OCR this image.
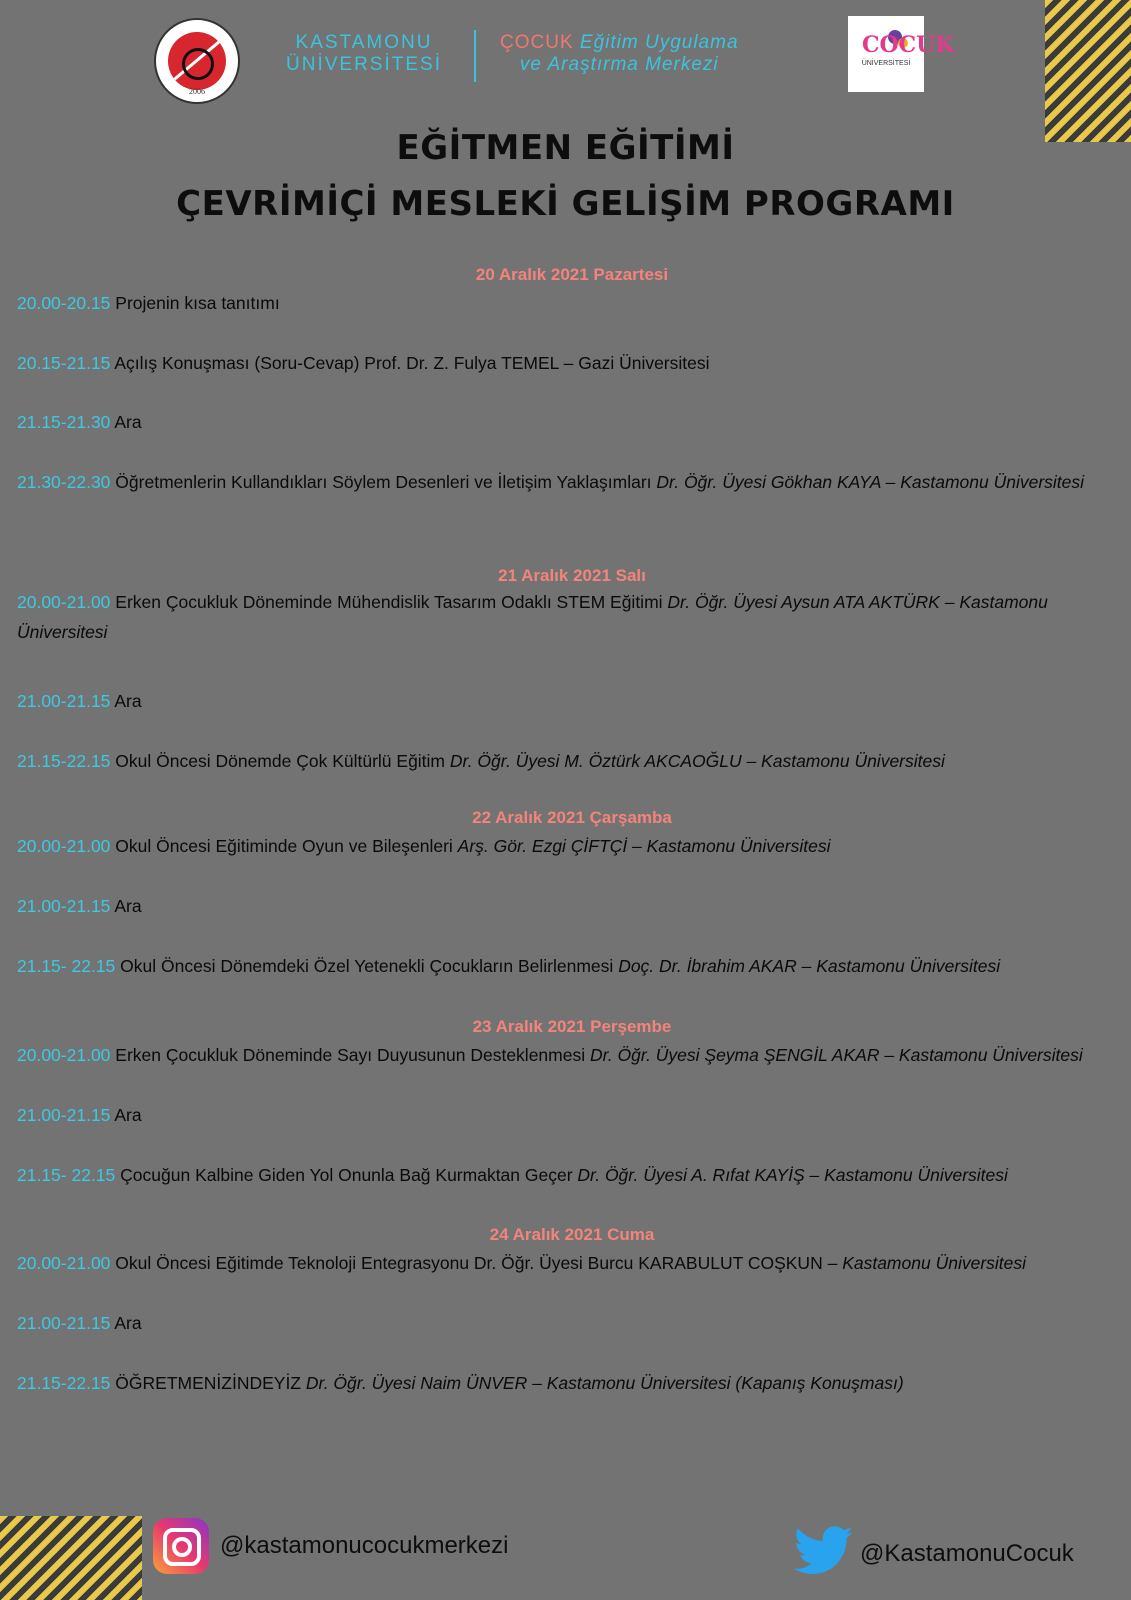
2006
KASTAMONU
ÜNİVERSİTESİ
ÇOCUK Eğitim Uygulama
ve Araştırma Merkezi
COCUK
ÜNİVERSİTESİ
EĞİTMEN EĞİTİMİ
ÇEVRİMİÇİ MESLEKİ GELİŞİM PROGRAMI
20 Aralık 2021 Pazartesi
20.00-20.15 Projenin kısa tanıtımı
20.15-21.15 Açılış Konuşması (Soru-Cevap) Prof. Dr. Z. Fulya TEMEL – Gazi Üniversitesi
21.15-21.30 Ara
21.30-22.30 Öğretmenlerin Kullandıkları Söylem Desenleri ve İletişim Yaklaşımları Dr. Öğr. Üyesi Gökhan KAYA – Kastamonu Üniversitesi
21 Aralık 2021 Salı
20.00-21.00 Erken Çocukluk Döneminde Mühendislik Tasarım Odaklı STEM Eğitimi Dr. Öğr. Üyesi Aysun ATA AKTÜRK – Kastamonu Üniversitesi
21.00-21.15 Ara
21.15-22.15 Okul Öncesi Dönemde Çok Kültürlü Eğitim Dr. Öğr. Üyesi M. Öztürk AKCAOĞLU – Kastamonu Üniversitesi
22 Aralık 2021 Çarşamba
20.00-21.00 Okul Öncesi Eğitiminde Oyun ve Bileşenleri Arş. Gör. Ezgi ÇİFTÇİ – Kastamonu Üniversitesi
21.00-21.15 Ara
21.15- 22.15 Okul Öncesi Dönemdeki Özel Yetenekli Çocukların Belirlenmesi Doç. Dr. İbrahim AKAR – Kastamonu Üniversitesi
23 Aralık 2021 Perşembe
20.00-21.00 Erken Çocukluk Döneminde Sayı Duyusunun Desteklenmesi Dr. Öğr. Üyesi Şeyma ŞENGİL AKAR – Kastamonu Üniversitesi
21.00-21.15 Ara
21.15- 22.15 Çocuğun Kalbine Giden Yol Onunla Bağ Kurmaktan Geçer Dr. Öğr. Üyesi A. Rıfat KAYİŞ – Kastamonu Üniversitesi
24 Aralık 2021 Cuma
20.00-21.00 Okul Öncesi Eğitimde Teknoloji Entegrasyonu Dr. Öğr. Üyesi Burcu KARABULUT COŞKUN – Kastamonu Üniversitesi
21.00-21.15 Ara
21.15-22.15 ÖĞRETMENİZİNDEYİZ Dr. Öğr. Üyesi Naim ÜNVER – Kastamonu Üniversitesi (Kapanış Konuşması)
@kastamonucocukmerkezi	@KastamonuCocuk
